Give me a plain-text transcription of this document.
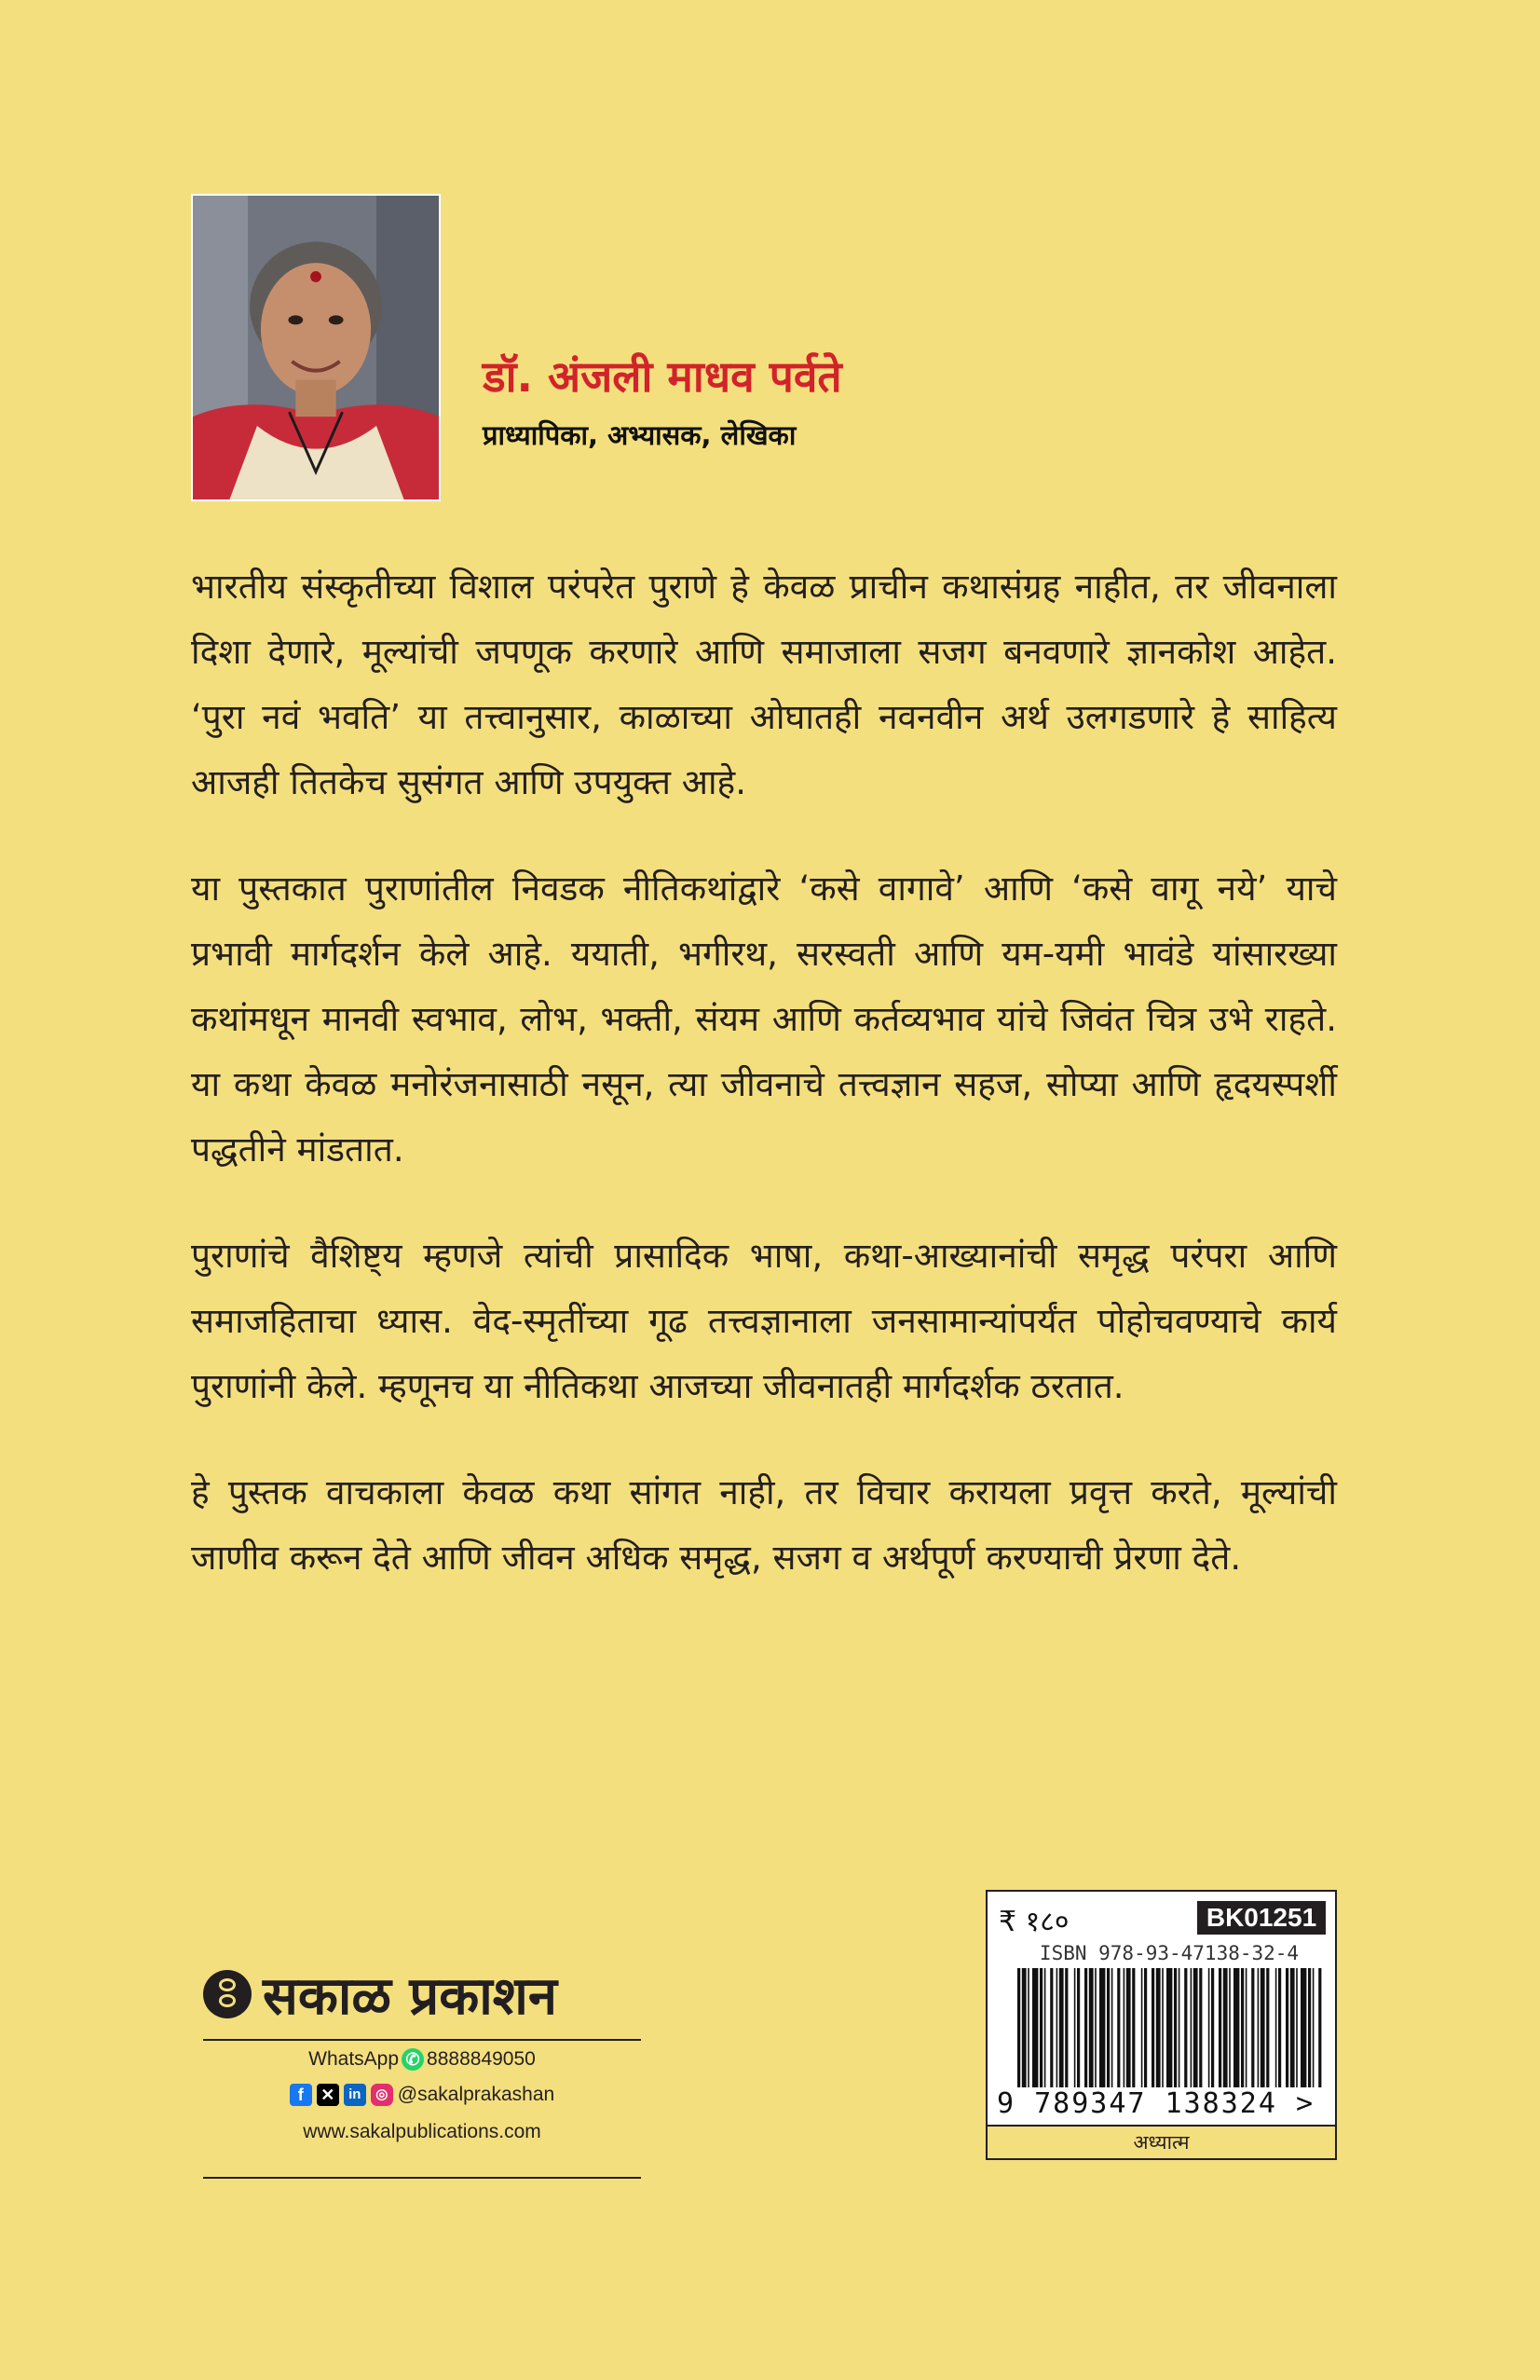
डॉ. अंजली माधव पर्वते
प्राध्यापिका, अभ्यासक, लेखिका

भारतीय संस्कृतीच्या विशाल परंपरेत पुराणे हे केवळ प्राचीन कथासंग्रह नाहीत, तर जीवनाला दिशा देणारे, मूल्यांची जपणूक करणारे आणि समाजाला सजग बनवणारे ज्ञानकोश आहेत. ‘पुरा नवं भवति’ या तत्त्वानुसार, काळाच्या ओघातही नवनवीन अर्थ उलगडणारे हे साहित्य आजही तितकेच सुसंगत आणि उपयुक्त आहे.

या पुस्तकात पुराणांतील निवडक नीतिकथांद्वारे ‘कसे वागावे’ आणि ‘कसे वागू नये’ याचे प्रभावी मार्गदर्शन केले आहे. ययाती, भगीरथ, सरस्वती आणि यम-यमी भावंडे यांसारख्या कथांमधून मानवी स्वभाव, लोभ, भक्ती, संयम आणि कर्तव्यभाव यांचे जिवंत चित्र उभे राहते. या कथा केवळ मनोरंजनासाठी नसून, त्या जीवनाचे तत्त्वज्ञान सहज, सोप्या आणि हृदयस्पर्शी पद्धतीने मांडतात.

पुराणांचे वैशिष्ट्य म्हणजे त्यांची प्रासादिक भाषा, कथा-आख्यानांची समृद्ध परंपरा आणि समाजहिताचा ध्यास. वेद-स्मृतींच्या गूढ तत्त्वज्ञानाला जनसामान्यांपर्यंत पोहोचवण्याचे कार्य पुराणांनी केले. म्हणूनच या नीतिकथा आजच्या जीवनातही मार्गदर्शक ठरतात.

हे पुस्तक वाचकाला केवळ कथा सांगत नाही, तर विचार करायला प्रवृत्त करते, मूल्यांची जाणीव करून देते आणि जीवन अधिक समृद्ध, सजग व अर्थपूर्ण करण्याची प्रेरणा देते.

सकाळ प्रकाशन
WhatsApp ✆ 8888849050
f	✕ in	◎ @sakalprakashan
www.sakalpublications.com
₹ १८०	BK01251
ISBN 978-93-47138-32-4
9 789347 138324 >
अध्यात्म
